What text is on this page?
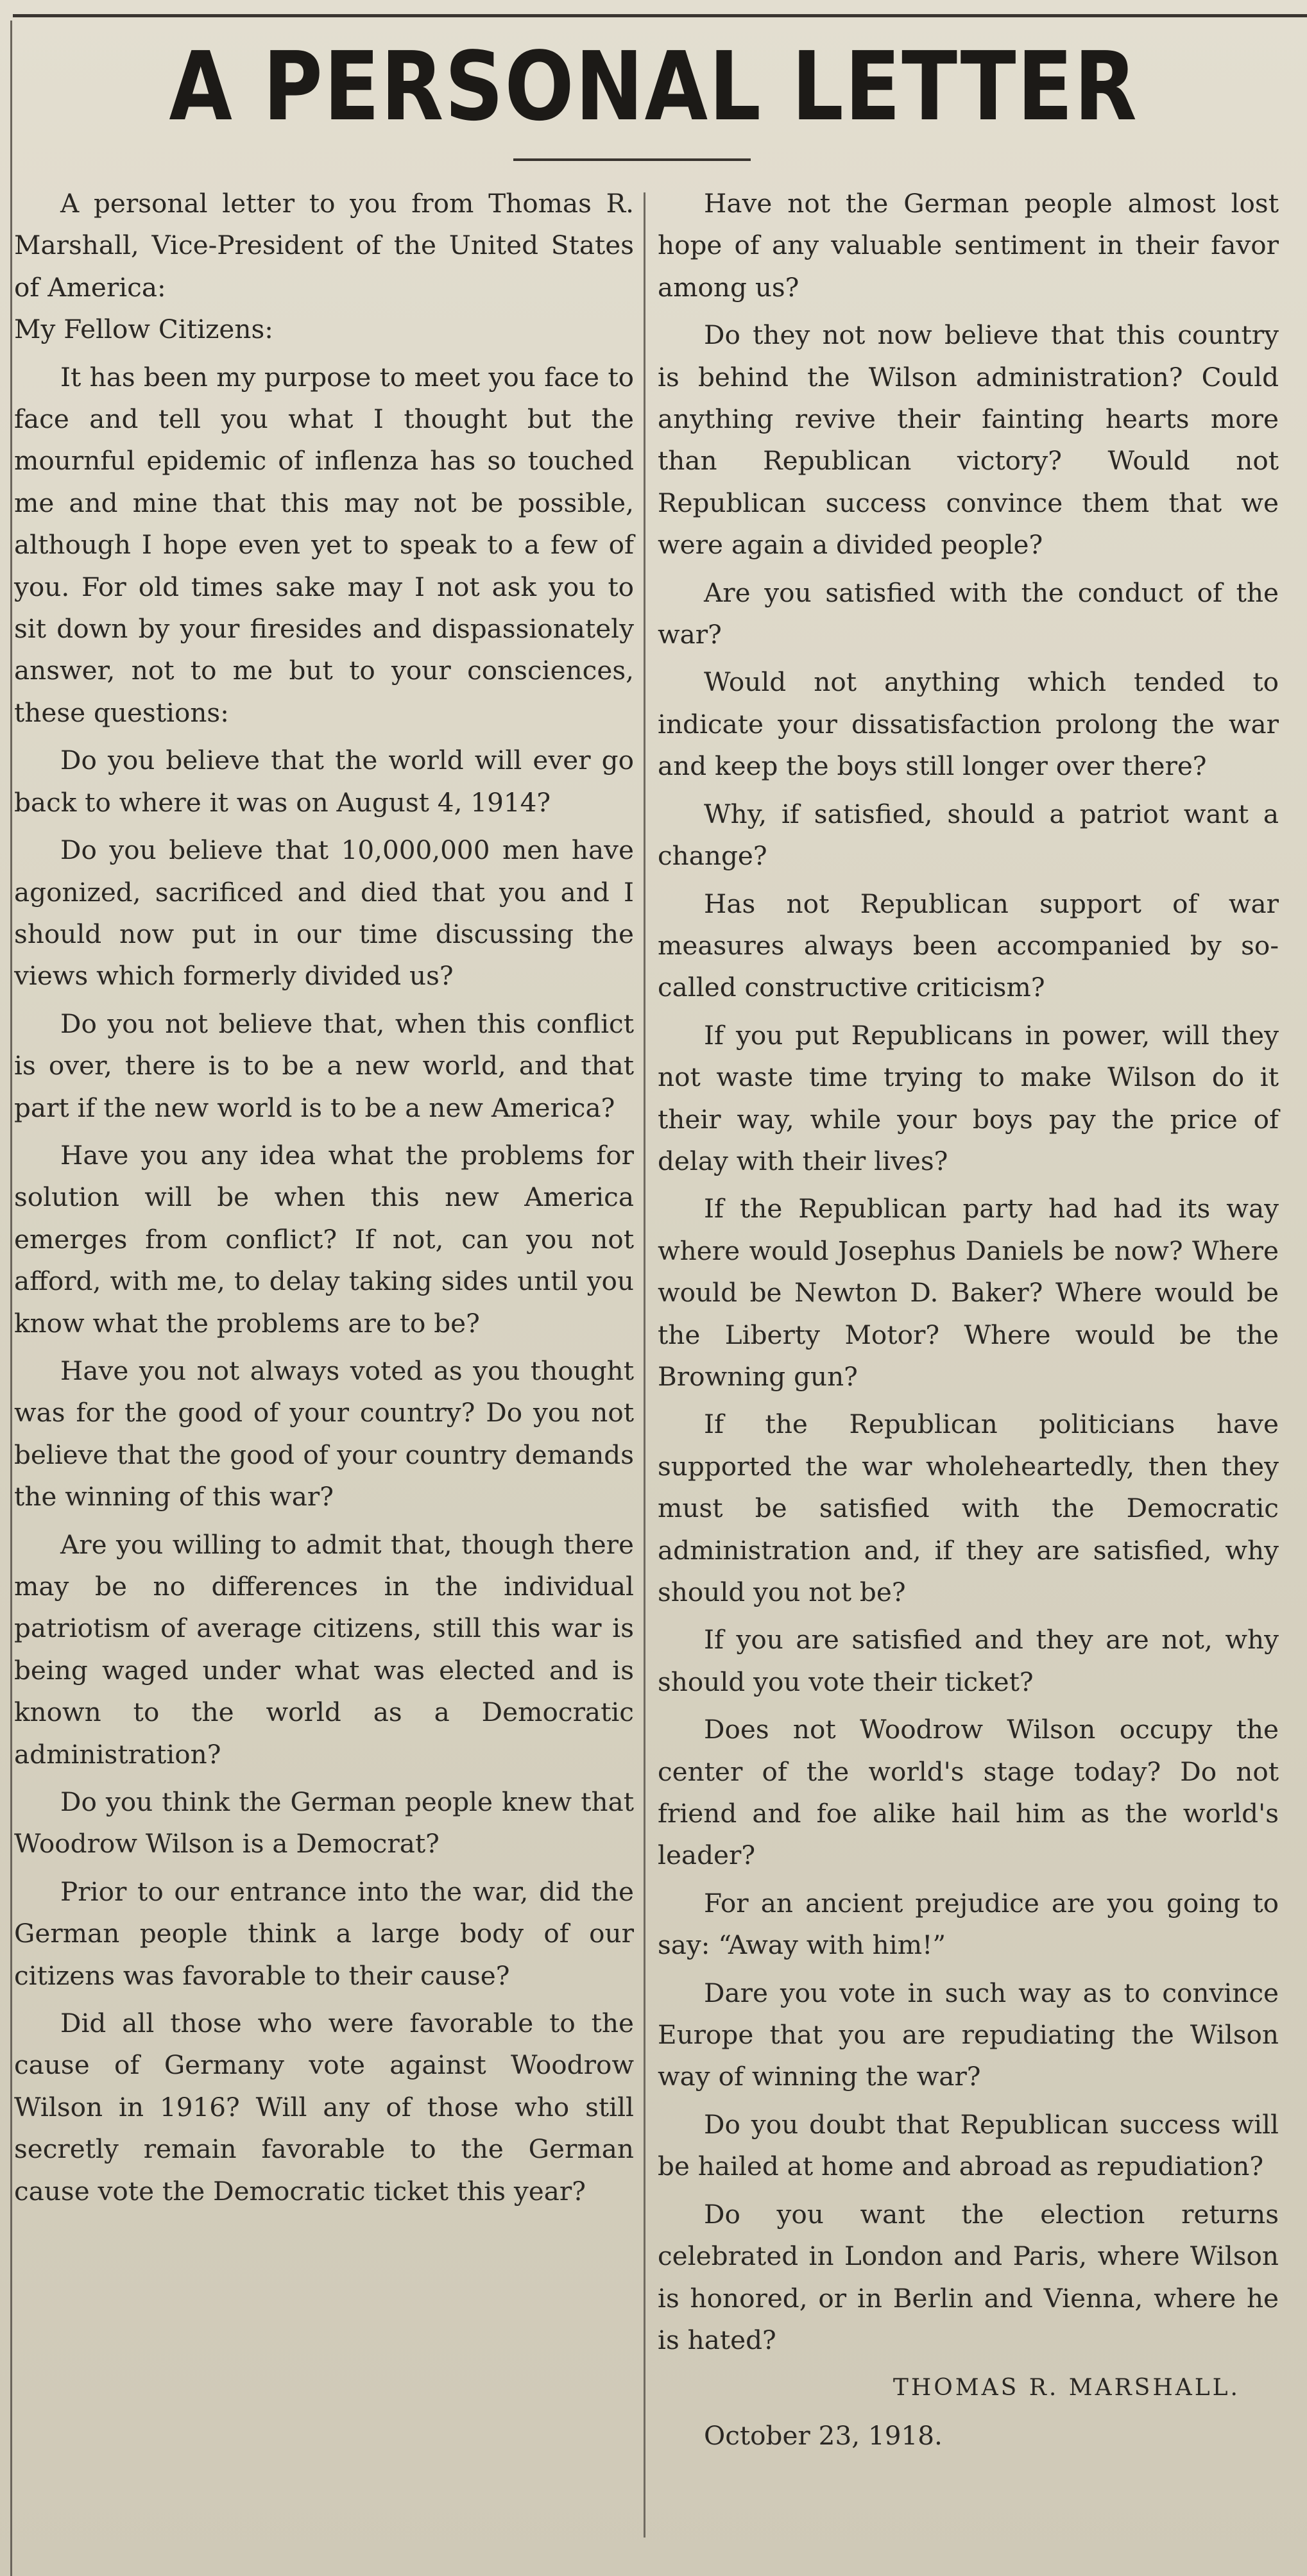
A PERSONAL LETTER

A personal letter to you from Thomas R. Marshall, Vice-President of the United States of America:

My Fellow Citizens:

It has been my purpose to meet you face to face and tell you what I thought but the mournful epidemic of inflenza has so touched me and mine that this may not be possible, although I hope even yet to speak to a few of you. For old times sake may I not ask you to sit down by your firesides and dispassionately answer, not to me but to your consciences, these questions:

Do you believe that the world will ever go back to where it was on August 4, 1914?

Do you believe that 10,000,000 men have agonized, sacrificed and died that you and I should now put in our time discussing the views which formerly divided us?

Do you not believe that, when this conflict is over, there is to be a new world, and that part if the new world is to be a new America?

Have you any idea what the problems for solution will be when this new America emerges from conflict? If not, can you not afford, with me, to delay taking sides until you know what the problems are to be?

Have you not always voted as you thought was for the good of your country? Do you not believe that the good of your country demands the winning of this war?

Are you willing to admit that, though there may be no differences in the individual patriotism of average citizens, still this war is being waged under what was elected and is known to the world as a Democratic administration?

Do you think the German people knew that Woodrow Wilson is a Democrat?

Prior to our entrance into the war, did the German people think a large body of our citizens was favorable to their cause?

Did all those who were favorable to the cause of Germany vote against Woodrow Wilson in 1916? Will any of those who still secretly remain favorable to the German cause vote the Democratic ticket this year?

Have not the German people almost lost hope of any valuable sentiment in their favor among us?

Do they not now believe that this country is behind the Wilson administration? Could anything revive their fainting hearts more than Republican victory? Would not Republican success convince them that we were again a divided people?

Are you satisfied with the conduct of the war?

Would not anything which tended to indicate your dissatisfaction prolong the war and keep the boys still longer over there?

Why, if satisfied, should a patriot want a change?

Has not Republican support of war measures always been accompanied by so-called constructive criticism?

If you put Republicans in power, will they not waste time trying to make Wilson do it their way, while your boys pay the price of delay with their lives?

If the Republican party had had its way where would Josephus Daniels be now? Where would be Newton D. Baker? Where would be the Liberty Motor? Where would be the Browning gun?

If the Republican politicians have supported the war wholeheartedly, then they must be satisfied with the Democratic administration and, if they are satisfied, why should you not be?

If you are satisfied and they are not, why should you vote their ticket?

Does not Woodrow Wilson occupy the center of the world's stage today? Do not friend and foe alike hail him as the world's leader?

For an ancient prejudice are you going to say: “Away with him!”

Dare you vote in such way as to convince Europe that you are repudiating the Wilson way of winning the war?

Do you doubt that Republican success will be hailed at home and abroad as repudiation?

Do you want the election returns celebrated in London and Paris, where Wilson is honored, or in Berlin and Vienna, where he is hated?

THOMAS R. MARSHALL.

October 23, 1918.
